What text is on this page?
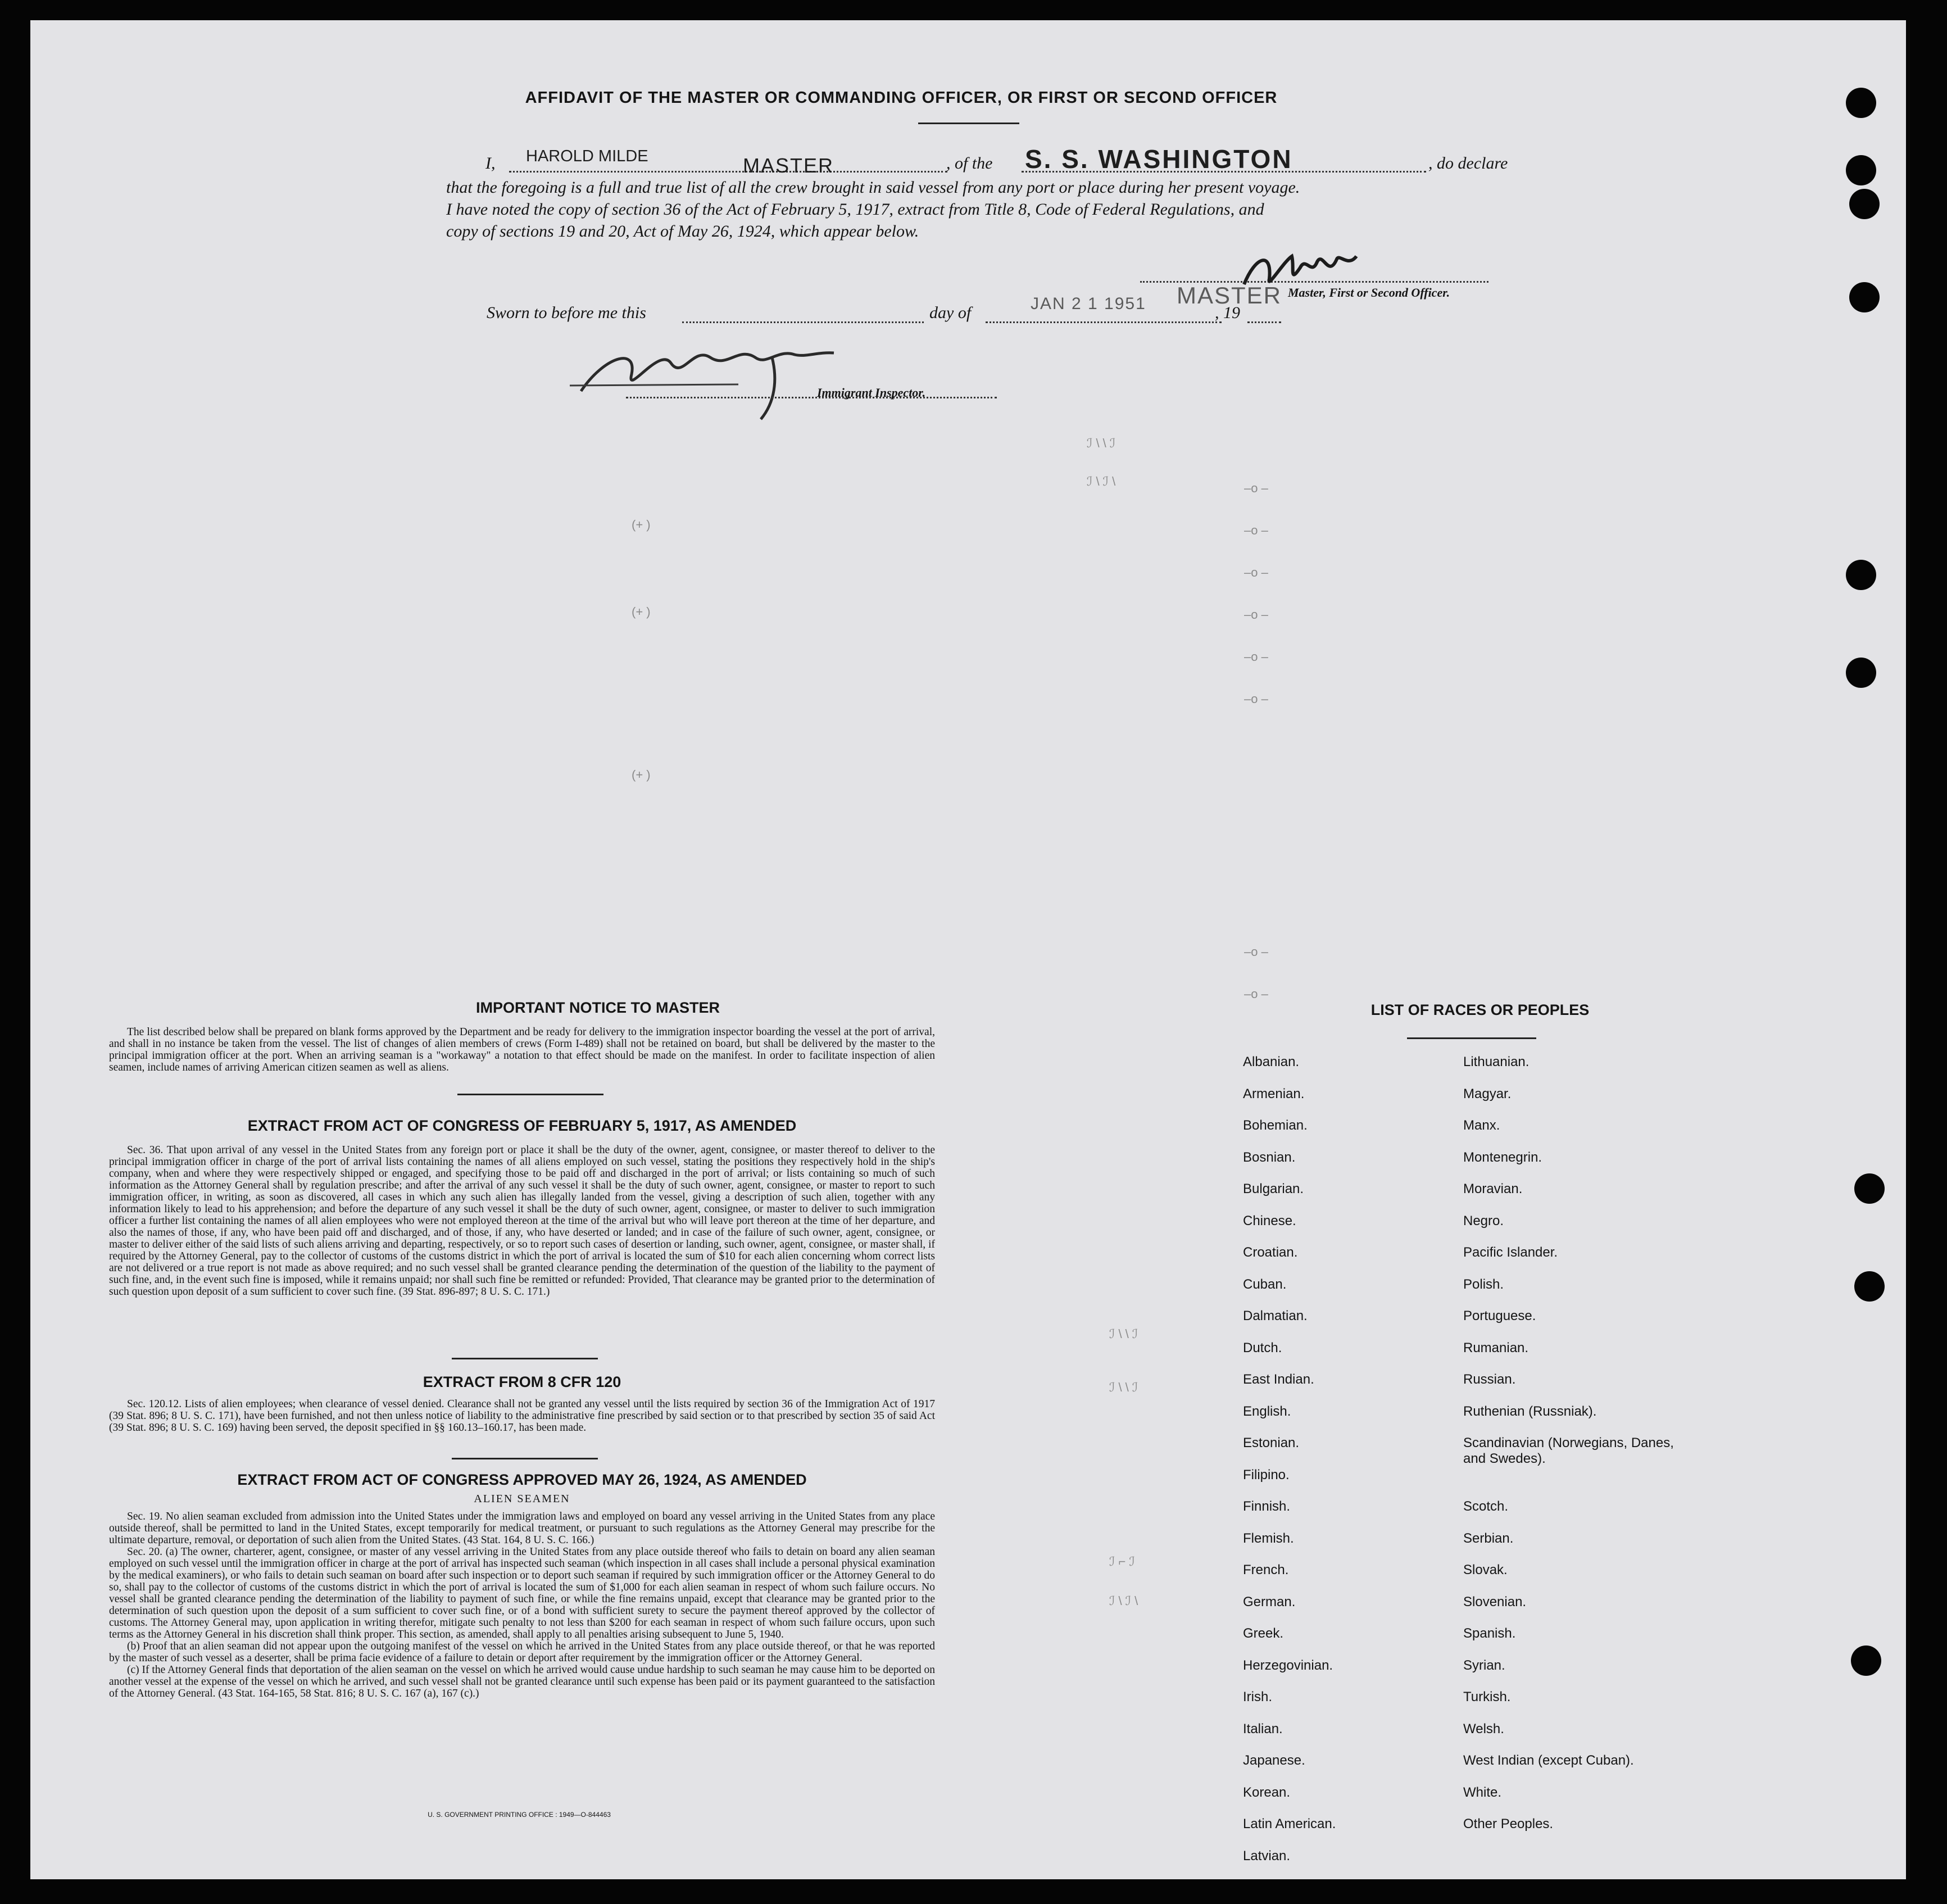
AFFIDAVIT OF THE MASTER OR COMMANDING OFFICER, OR FIRST OR SECOND OFFICER
I, HAROLD MILDE	MASTER	, of the S. S. WASHINGTON	, do declare
that the foregoing is a full and true list of all the crew brought in said vessel from any port or place during her present voyage.
I have noted the copy of section 36 of the Act of February 5, 1917, extract from Title 8, Code of Federal Regulations, and
copy of sections 19 and 20, Act of May 26, 1924, which appear below.
MASTER Master, First or Second Officer.
Sworn to before me this	day of	JAN 2 1 1951	, 19
Immigrant Inspector.
ℐ \ \ ℐ
ℐ \ ℐ \
(+ )
(+ )
(+ )
–o –
–o –
–o –
–o –
–o –
–o –
–o –
–o –
ℐ \ \ ℐ
ℐ \ \ ℐ
ℐ ⌐ ℐ
ℐ \ ℐ \
IMPORTANT NOTICE TO MASTER

The list described below shall be prepared on blank forms approved by the Department and be ready for delivery to the immigration inspector boarding the vessel at the port of arrival, and shall in no instance be taken from the vessel. The list of changes of alien members of crews (Form I-489) shall not be retained on board, but shall be delivered by the master to the principal immigration officer at the port. When an arriving seaman is a "workaway" a notation to that effect should be made on the manifest. In order to facilitate inspection of alien seamen, include names of arriving American citizen seamen as well as aliens.

EXTRACT FROM ACT OF CONGRESS OF FEBRUARY 5, 1917, AS AMENDED

Sec. 36. That upon arrival of any vessel in the United States from any foreign port or place it shall be the duty of the owner, agent, consignee, or master thereof to deliver to the principal immigration officer in charge of the port of arrival lists containing the names of all aliens employed on such vessel, stating the positions they respectively hold in the ship's company, when and where they were respectively shipped or engaged, and specifying those to be paid off and discharged in the port of arrival; or lists containing so much of such information as the Attorney General shall by regulation prescribe; and after the arrival of any such vessel it shall be the duty of such owner, agent, consignee, or master to report to such immigration officer, in writing, as soon as discovered, all cases in which any such alien has illegally landed from the vessel, giving a description of such alien, together with any information likely to lead to his apprehension; and before the departure of any such vessel it shall be the duty of such owner, agent, consignee, or master to deliver to such immigration officer a further list containing the names of all alien employees who were not employed thereon at the time of the arrival but who will leave port thereon at the time of her departure, and also the names of those, if any, who have been paid off and discharged, and of those, if any, who have deserted or landed; and in case of the failure of such owner, agent, consignee, or master to deliver either of the said lists of such aliens arriving and departing, respectively, or so to report such cases of desertion or landing, such owner, agent, consignee, or master shall, if required by the Attorney General, pay to the collector of customs of the customs district in which the port of arrival is located the sum of $10 for each alien concerning whom correct lists are not delivered or a true report is not made as above required; and no such vessel shall be granted clearance pending the determination of the question of the liability to the payment of such fine, and, in the event such fine is imposed, while it remains unpaid; nor shall such fine be remitted or refunded: Provided, That clearance may be granted prior to the determination of such question upon deposit of a sum sufficient to cover such fine. (39 Stat. 896-897; 8 U. S. C. 171.)

EXTRACT FROM 8 CFR 120

Sec. 120.12. Lists of alien employees; when clearance of vessel denied. Clearance shall not be granted any vessel until the lists required by section 36 of the Immigration Act of 1917 (39 Stat. 896; 8 U. S. C. 171), have been furnished, and not then unless notice of liability to the administrative fine prescribed by said section or to that prescribed by section 35 of said Act (39 Stat. 896; 8 U. S. C. 169) having been served, the deposit specified in §§ 160.13–160.17, has been made.

EXTRACT FROM ACT OF CONGRESS APPROVED MAY 26, 1924, AS AMENDED
ALIEN SEAMEN

Sec. 19. No alien seaman excluded from admission into the United States under the immigration laws and employed on board any vessel arriving in the United States from any place outside thereof, shall be permitted to land in the United States, except temporarily for medical treatment, or pursuant to such regulations as the Attorney General may prescribe for the ultimate departure, removal, or deportation of such alien from the United States. (43 Stat. 164, 8 U. S. C. 166.)

Sec. 20. (a) The owner, charterer, agent, consignee, or master of any vessel arriving in the United States from any place outside thereof who fails to detain on board any alien seaman employed on such vessel until the immigration officer in charge at the port of arrival has inspected such seaman (which inspection in all cases shall include a personal physical examination by the medical examiners), or who fails to detain such seaman on board after such inspection or to deport such seaman if required by such immigration officer or the Attorney General to do so, shall pay to the collector of customs of the customs district in which the port of arrival is located the sum of $1,000 for each alien seaman in respect of whom such failure occurs. No vessel shall be granted clearance pending the determination of the liability to payment of such fine, or while the fine remains unpaid, except that clearance may be granted prior to the determination of such question upon the deposit of a sum sufficient to cover such fine, or of a bond with sufficient surety to secure the payment thereof approved by the collector of customs. The Attorney General may, upon application in writing therefor, mitigate such penalty to not less than $200 for each seaman in respect of whom such failure occurs, upon such terms as the Attorney General in his discretion shall think proper. This section, as amended, shall apply to all penalties arising subsequent to June 5, 1940.

(b) Proof that an alien seaman did not appear upon the outgoing manifest of the vessel on which he arrived in the United States from any place outside thereof, or that he was reported by the master of such vessel as a deserter, shall be prima facie evidence of a failure to detain or deport after requirement by the immigration officer or the Attorney General.

(c) If the Attorney General finds that deportation of the alien seaman on the vessel on which he arrived would cause undue hardship to such seaman he may cause him to be deported on another vessel at the expense of the vessel on which he arrived, and such vessel shall not be granted clearance until such expense has been paid or its payment guaranteed to the satisfaction of the Attorney General. (43 Stat. 164-165, 58 Stat. 816; 8 U. S. C. 167 (a), 167 (c).)

U. S. GOVERNMENT PRINTING OFFICE : 1949—O-844463
LIST OF RACES OR PEOPLES
Albanian.
Armenian.
Bohemian.
Bosnian.
Bulgarian.
Chinese.
Croatian.
Cuban.
Dalmatian.
Dutch.
East Indian.
English.
Estonian.
Filipino.
Finnish.
Flemish.
French.
German.
Greek.
Herzegovinian.
Irish.
Italian.
Japanese.
Korean.
Latin American.
Latvian.
Lithuanian.
Magyar.
Manx.
Montenegrin.
Moravian.
Negro.
Pacific Islander.
Polish.
Portuguese.
Rumanian.
Russian.
Ruthenian (Russniak).
Scandinavian (Norwegians, Danes, and Swedes).
Scotch.
Serbian.
Slovak.
Slovenian.
Spanish.
Syrian.
Turkish.
Welsh.
West Indian (except Cuban).
White.
Other Peoples.
